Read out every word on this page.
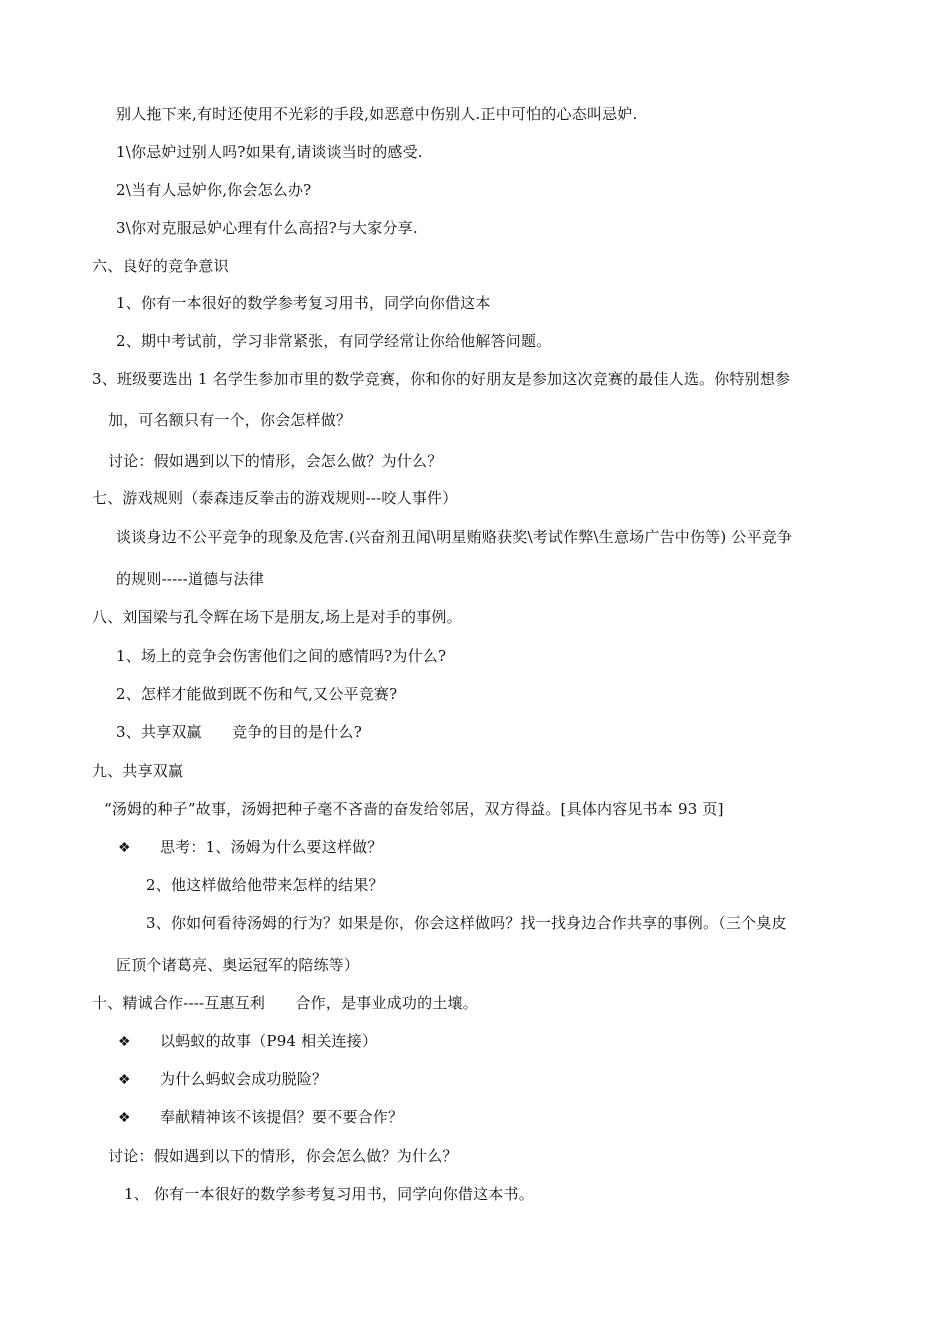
别人拖下来,有时还使用不光彩的手段,如恶意中伤别人.正中可怕的心态叫忌妒.
1\你忌妒过别人吗?如果有,请谈谈当时的感受.
2\当有人忌妒你,你会怎么办?
3\你对克服忌妒心理有什么高招?与大家分享.
六、良好的竞争意识
1、你有一本很好的数学参考复习用书，同学向你借这本
2、期中考试前，学习非常紧张，有同学经常让你给他解答问题。
3、班级要选出 1 名学生参加市里的数学竞赛，你和你的好朋友是参加这次竞赛的最佳人选。你特别想参
加，可名额只有一个，你会怎样做？
讨论：假如遇到以下的情形，会怎么做？为什么？
七、游戏规则（泰森违反拳击的游戏规则---咬人事件）
谈谈身边不公平竞争的现象及危害.(兴奋剂丑闻\明星贿赂获奖\考试作弊\生意场广告中伤等) 公平竞争
的规则-----道德与法律
八、刘国梁与孔令辉在场下是朋友,场上是对手的事例。
1、场上的竞争会伤害他们之间的感情吗?为什么?
2、怎样才能做到既不伤和气,又公平竞赛?
3、共享双赢　　竞争的目的是什么?
九、共享双赢
“汤姆的种子”故事，汤姆把种子毫不吝啬的奋发给邻居，双方得益。[具体内容见书本 93 页]
❖ 思考：1、汤姆为什么要这样做？
2、他这样做给他带来怎样的结果？
3、你如何看待汤姆的行为？如果是你，你会这样做吗？找一找身边合作共享的事例。（三个臭皮
匠顶个诸葛亮、奥运冠军的陪练等）
十、精诚合作----互惠互利　　合作，是事业成功的土壤。
❖ 以蚂蚁的故事（P94 相关连接）
❖ 为什么蚂蚁会成功脱险？
❖ 奉献精神该不该提倡？要不要合作？
讨论：假如遇到以下的情形，你会怎么做？为什么？
1、 你有一本很好的数学参考复习用书，同学向你借这本书。
